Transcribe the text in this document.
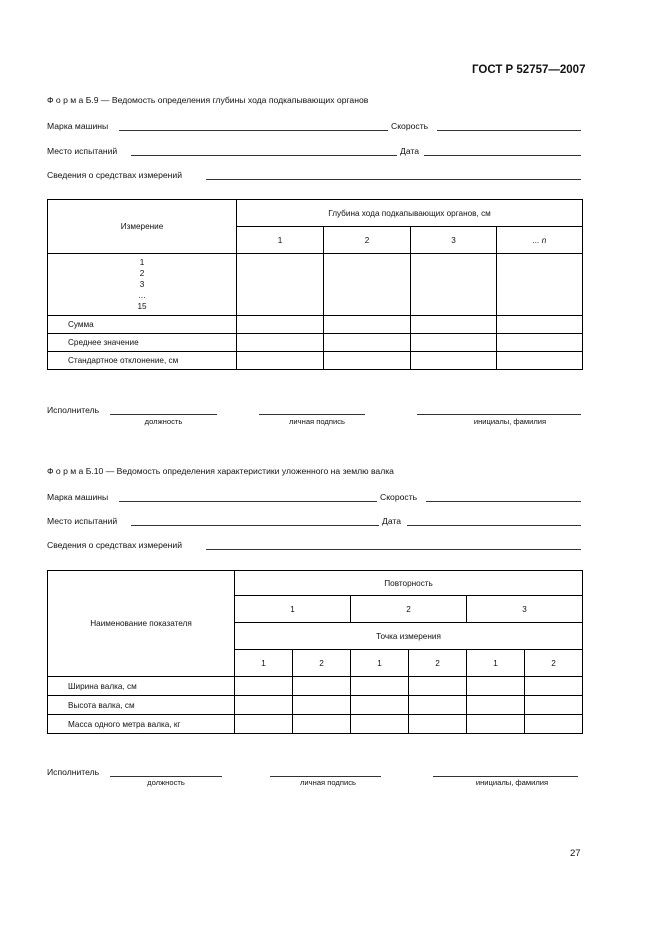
ГОСТ Р 52757—2007
Ф о р м а Б.9 — Ведомость определения глубины хода подкапывающих органов
Марка машины	Скорость
Место испытаний	Дата
Сведения о средствах измерений
Измерение	Глубина хода подкапывающих органов, см			
	1	2	3	... n

1
2
3
…
15				

Сумма				
Среднее значение				
Стандартное отклонение, см				
Исполнитель
должность	личная подпись	инициалы, фамилия
Ф о р м а Б.10 — Ведомость определения характеристики уложенного на землю валка
Марка машины	Скорость
Место испытаний	Дата
Сведения о средствах измерений
Наименование показателя	Повторность					
	1		2		3	
	Точка измерения					
	1	2	1	2	1	2
Ширина валка, см						
Высота валка, см						
Масса одного метра валка, кг						
Исполнитель
должность	личная подпись	инициалы, фамилия
27
